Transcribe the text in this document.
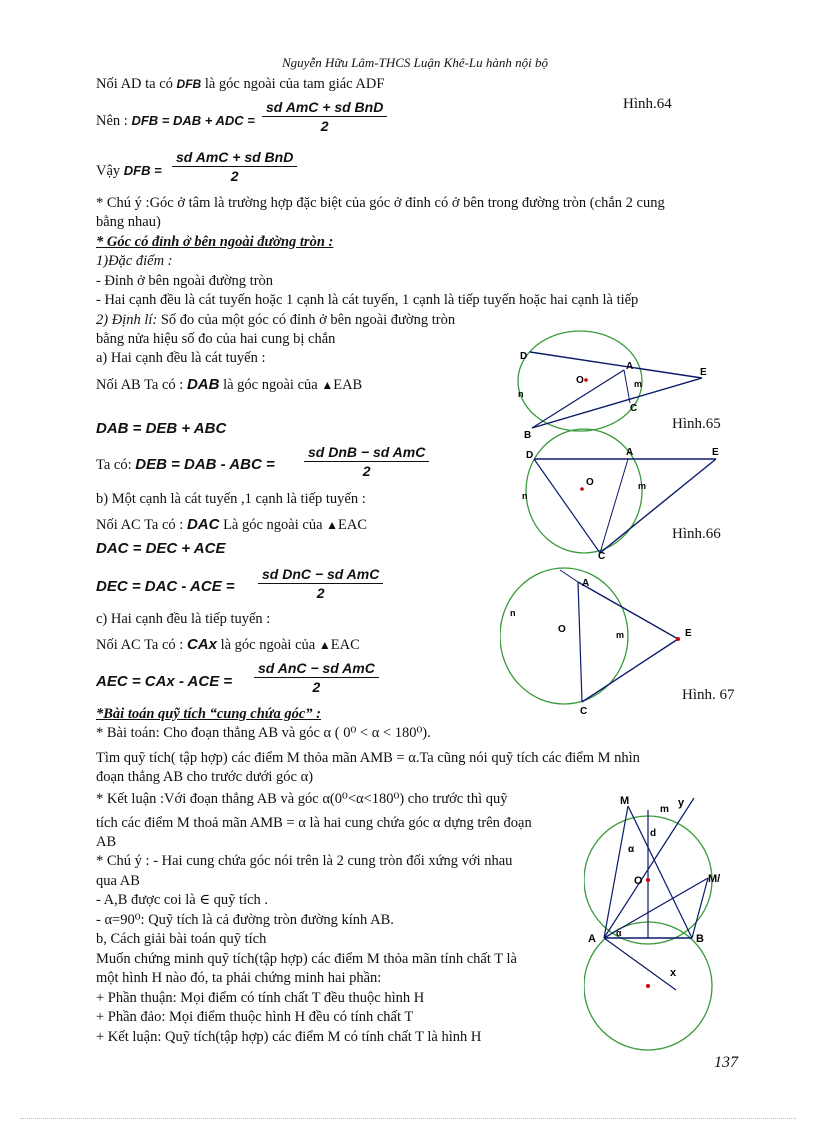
Nguyễn Hữu Lâm-THCS Luận Khê-Lu hành nội bộ
Nối AD ta có DFB là góc ngoài của tam giác ADF
Nên : DFB = DAB + ADC =
sd AmC + sd BnD
2
Hình.64
Vậy DFB =
sd AmC + sd BnD
2
* Chú ý :Góc ở tâm là trường hợp đặc biệt của góc ở đỉnh có ở bên trong đường tròn (chắn 2 cung
bằng nhau)
* Góc có đỉnh ở bên ngoài đường tròn :
1)Đặc điểm :
- Đỉnh ở bên ngoài đường tròn
- Hai cạnh đều là cát tuyến hoặc 1 cạnh là cát tuyến, 1 cạnh là tiếp tuyến hoặc hai cạnh là tiếp
2) Định lí: Số đo của một góc có đỉnh ở bên ngoài đường tròn
bằng nửa hiệu số đo của hai cung bị chắn
a) Hai cạnh đều là cát tuyến :
Nối AB Ta có : DAB là góc ngoài của ▲EAB
DAB = DEB + ABC
Ta có: DEB = DAB - ABC =
sd DnB − sd AmC
2
b) Một cạnh là cát tuyến ,1 cạnh là tiếp tuyến :
Nối AC Ta có : DAC Là góc ngoài của ▲EAC
DAC = DEC + ACE
DEC = DAC - ACE =
sd DnC − sd AmC
2
c) Hai cạnh đều là tiếp tuyến :
Nối AC Ta có : CAx là góc ngoài của ▲EAC
AEC = CAx - ACE =
sd AnC − sd AmC
2
*Bài toán quỹ tích “cung chứa góc” :
* Bài toán: Cho đoạn thẳng AB và góc α ( 0⁰ < α < 180⁰).
Tìm quỹ tích( tập hợp) các điểm M thỏa mãn AMB = α.Ta cũng nói quỹ tích các điểm M nhìn
đoạn thẳng AB cho trước dưới góc α)
* Kết luận :Với đoạn thẳng AB và góc α(0⁰<α<180⁰) cho trước thì quỹ
tích các điểm M thoả mãn AMB = α là hai cung chứa góc α dựng trên đoạn
AB
* Chú ý : - Hai cung chứa góc nói trên là 2 cung tròn đối xứng với nhau
qua AB
- A,B được coi là ∈ quỹ tích .
- α=90⁰: Quỹ tích là cả đường tròn đường kính AB.
b, Cách giải bài toán quỹ tích
Muốn chứng minh quỹ tích(tập hợp) các điểm M thỏa mãn tính chất T là
một hình H nào đó, ta phải chứng minh hai phần:
+ Phần thuận: Mọi điểm có tính chất T đều thuộc hình H
+ Phần đảo: Mọi điểm thuộc hình H đều có tính chất T
+ Kết luận: Quỹ tích(tập hợp) các điểm M có tính chất T là hình H
D
A
E
B
C
O	m
n
Hình.65
D	A	E
C
O	m
n
Hình.66
A
E
C
O	m
n
Hình. 67
M
m
y
d
O	M/
A	B
x
α
α
137
